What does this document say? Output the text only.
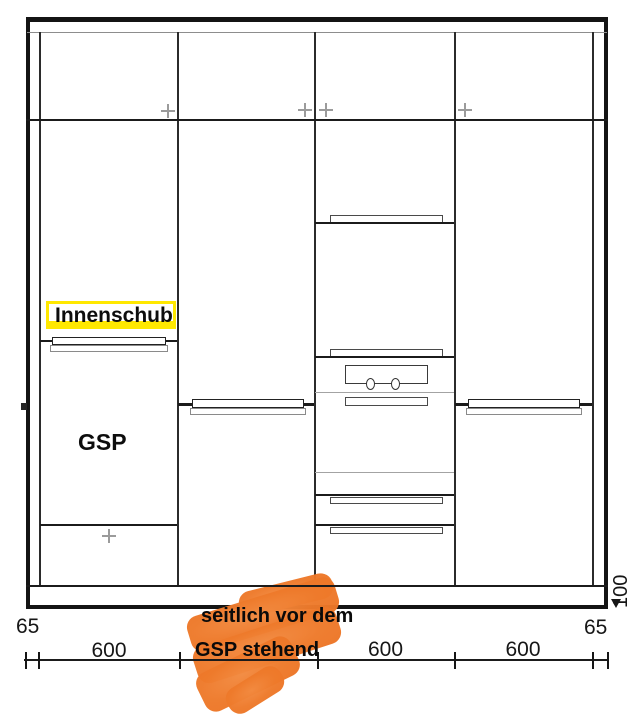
Innenschub
GSP
65
600	600	600
65
seitlich vor dem
GSP stehend
100
